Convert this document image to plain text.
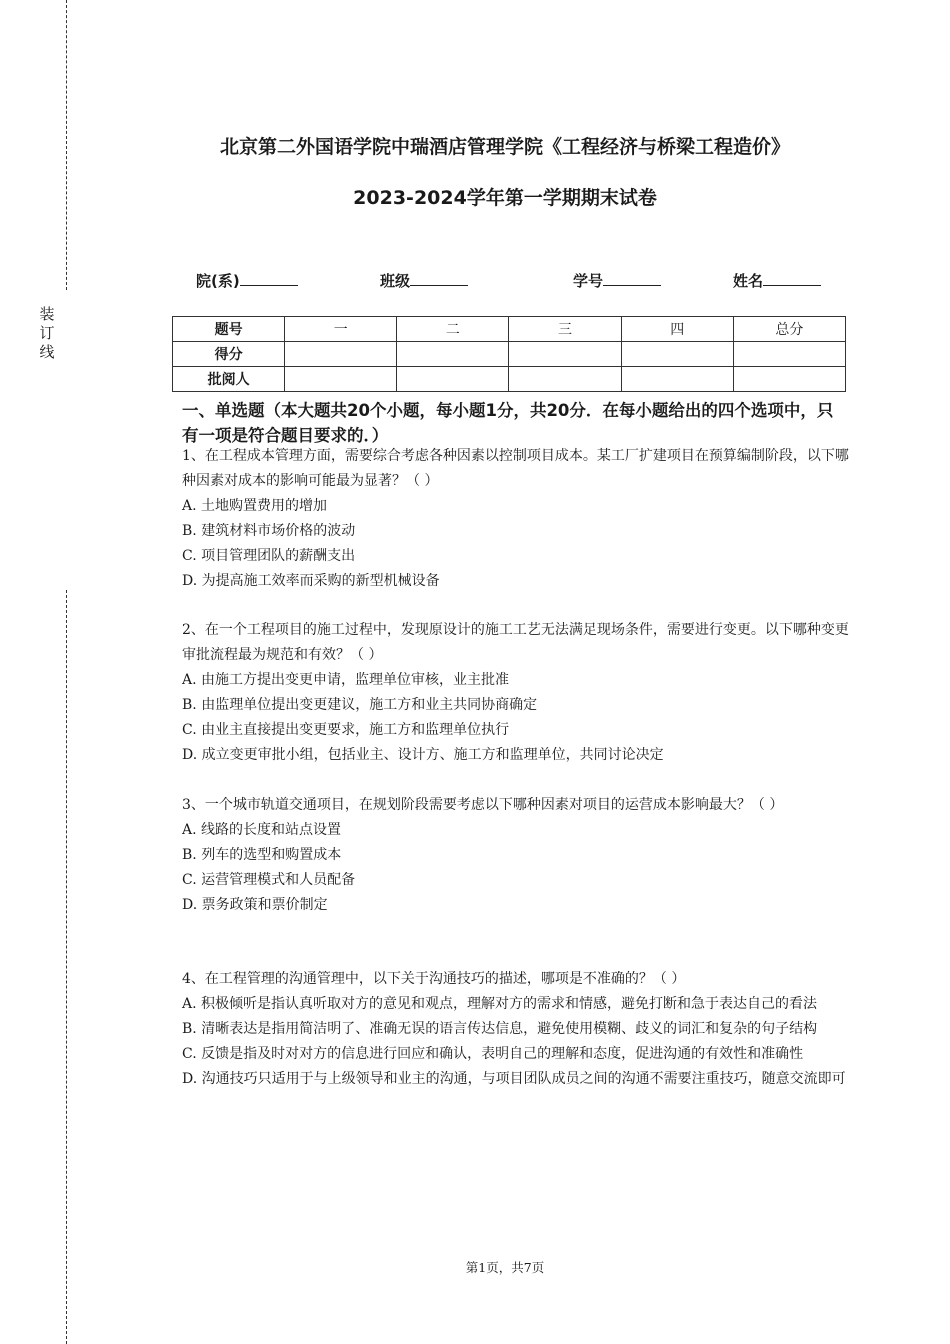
装订线
北京第二外国语学院中瑞酒店管理学院《工程经济与桥梁工程造价》
2023-2024学年第一学期期末试卷
院(系)	班级	学号	姓名
题号	一	二	三	四	总分
得分					
批阅人					
一、单选题（本大题共20个小题，每小题1分，共20分．在每小题给出的四个选项中，只有一项是符合题目要求的．）

1、在工程成本管理方面，需要综合考虑各种因素以控制项目成本。某工厂扩建项目在预算编制阶段，以下哪种因素对成本的影响可能最为显著？（ ）

A. 土地购置费用的增加

B. 建筑材料市场价格的波动

C. 项目管理团队的薪酬支出

D. 为提高施工效率而采购的新型机械设备

2、在一个工程项目的施工过程中，发现原设计的施工工艺无法满足现场条件，需要进行变更。以下哪种变更审批流程最为规范和有效？（ ）

A. 由施工方提出变更申请，监理单位审核，业主批准

B. 由监理单位提出变更建议，施工方和业主共同协商确定

C. 由业主直接提出变更要求，施工方和监理单位执行

D. 成立变更审批小组，包括业主、设计方、施工方和监理单位，共同讨论决定

3、一个城市轨道交通项目，在规划阶段需要考虑以下哪种因素对项目的运营成本影响最大？（ ）

A. 线路的长度和站点设置

B. 列车的选型和购置成本

C. 运营管理模式和人员配备

D. 票务政策和票价制定

4、在工程管理的沟通管理中，以下关于沟通技巧的描述，哪项是不准确的？（ ）

A. 积极倾听是指认真听取对方的意见和观点，理解对方的需求和情感，避免打断和急于表达自己的看法

B. 清晰表达是指用简洁明了、准确无误的语言传达信息，避免使用模糊、歧义的词汇和复杂的句子结构

C. 反馈是指及时对对方的信息进行回应和确认，表明自己的理解和态度，促进沟通的有效性和准确性

D. 沟通技巧只适用于与上级领导和业主的沟通，与项目团队成员之间的沟通不需要注重技巧，随意交流即可

第1页，共7页
